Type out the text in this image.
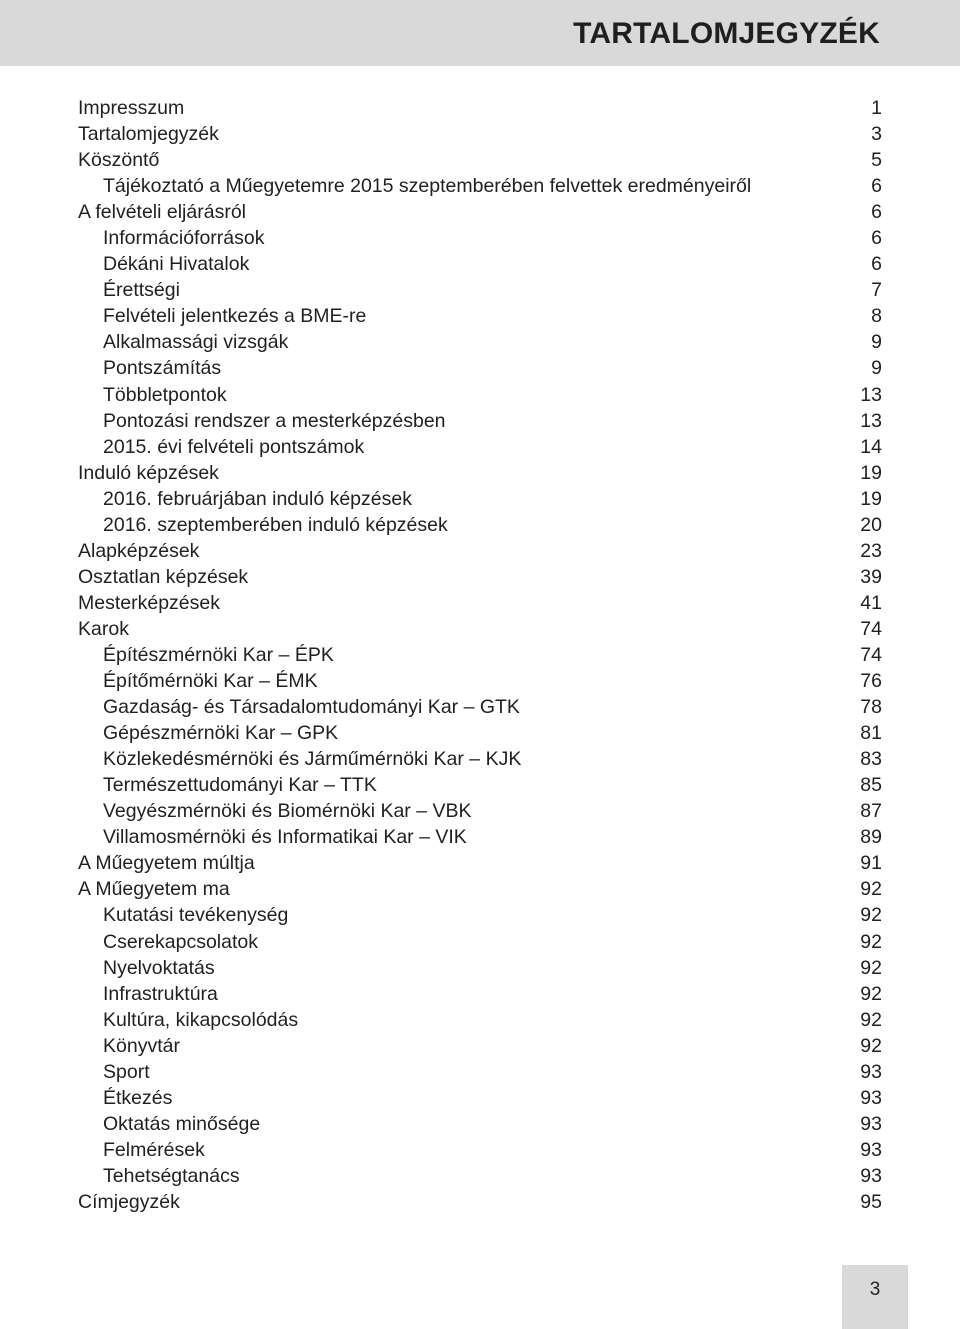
TARTALOMJEGYZÉK
Impresszum	1
Tartalomjegyzék	3
Köszöntő	5
Tájékoztató a Műegyetemre 2015 szeptemberében felvettek eredményeiről	6
A felvételi eljárásról	6
Információforrások	6
Dékáni Hivatalok	6
Érettségi	7
Felvételi jelentkezés a BME-re	8
Alkalmassági vizsgák	9
Pontszámítás	9
Többletpontok	13
Pontozási rendszer a mesterképzésben	13
2015. évi felvételi pontszámok	14
Induló képzések	19
2016. februárjában induló képzések	19
2016. szeptemberében induló képzések	20
Alapképzések	23
Osztatlan képzések	39
Mesterképzések	41
Karok	74
Építészmérnöki Kar – ÉPK	74
Építőmérnöki Kar – ÉMK	76
Gazdaság- és Társadalomtudományi Kar – GTK	78
Gépészmérnöki Kar – GPK	81
Közlekedésmérnöki és Járműmérnöki Kar – KJK	83
Természettudományi Kar – TTK	85
Vegyészmérnöki és Biomérnöki Kar – VBK	87
Villamosmérnöki és Informatikai Kar – VIK	89
A Műegyetem múltja	91
A Műegyetem ma	92
Kutatási tevékenység	92
Cserekapcsolatok	92
Nyelvoktatás	92
Infrastruktúra	92
Kultúra, kikapcsolódás	92
Könyvtár	92
Sport	93
Étkezés	93
Oktatás minősége	93
Felmérések	93
Tehetségtanács	93
Címjegyzék	95
3
